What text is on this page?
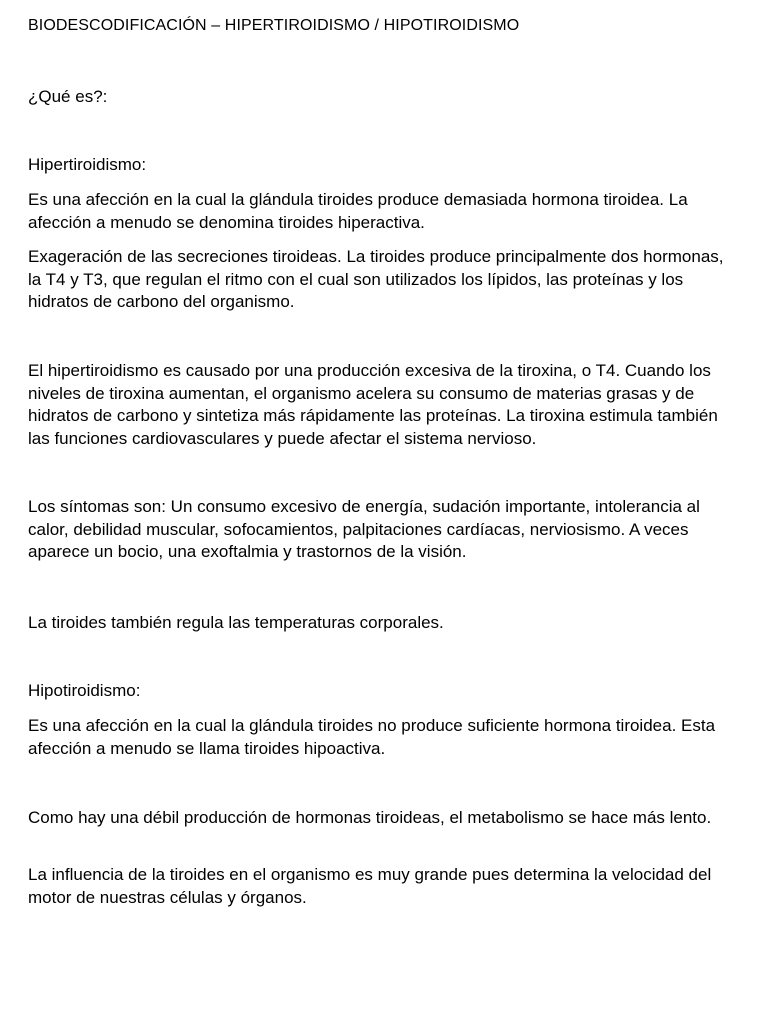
BIODESCODIFICACIÓN – HIPERTIROIDISMO / HIPOTIROIDISMO

¿Qué es?:

Hipertiroidismo:

Es una afección en la cual la glándula tiroides produce demasiada hormona tiroidea. La afección a menudo se denomina tiroides hiperactiva.

Exageración de las secreciones tiroideas. La tiroides produce principalmente dos hormonas, la T4 y T3, que regulan el ritmo con el cual son utilizados los lípidos, las proteínas y los hidratos de carbono del organismo.

El hipertiroidismo es causado por una producción excesiva de la tiroxina, o T4. Cuando los niveles de tiroxina aumentan, el organismo acelera su consumo de materias grasas y de hidratos de carbono y sintetiza más rápidamente las proteínas. La tiroxina estimula también las funciones cardiovasculares y puede afectar el sistema nervioso.

Los síntomas son: Un consumo excesivo de energía, sudación importante, intolerancia al calor, debilidad muscular, sofocamientos, palpitaciones cardíacas, nerviosismo. A veces aparece un bocio, una exoftalmia y trastornos de la visión.

La tiroides también regula las temperaturas corporales.

Hipotiroidismo:

Es una afección en la cual la glándula tiroides no produce suficiente hormona tiroidea. Esta afección a menudo se llama tiroides hipoactiva.

Como hay una débil producción de hormonas tiroideas, el metabolismo se hace más lento.

La influencia de la tiroides en el organismo es muy grande pues determina la velocidad del motor de nuestras células y órganos.
